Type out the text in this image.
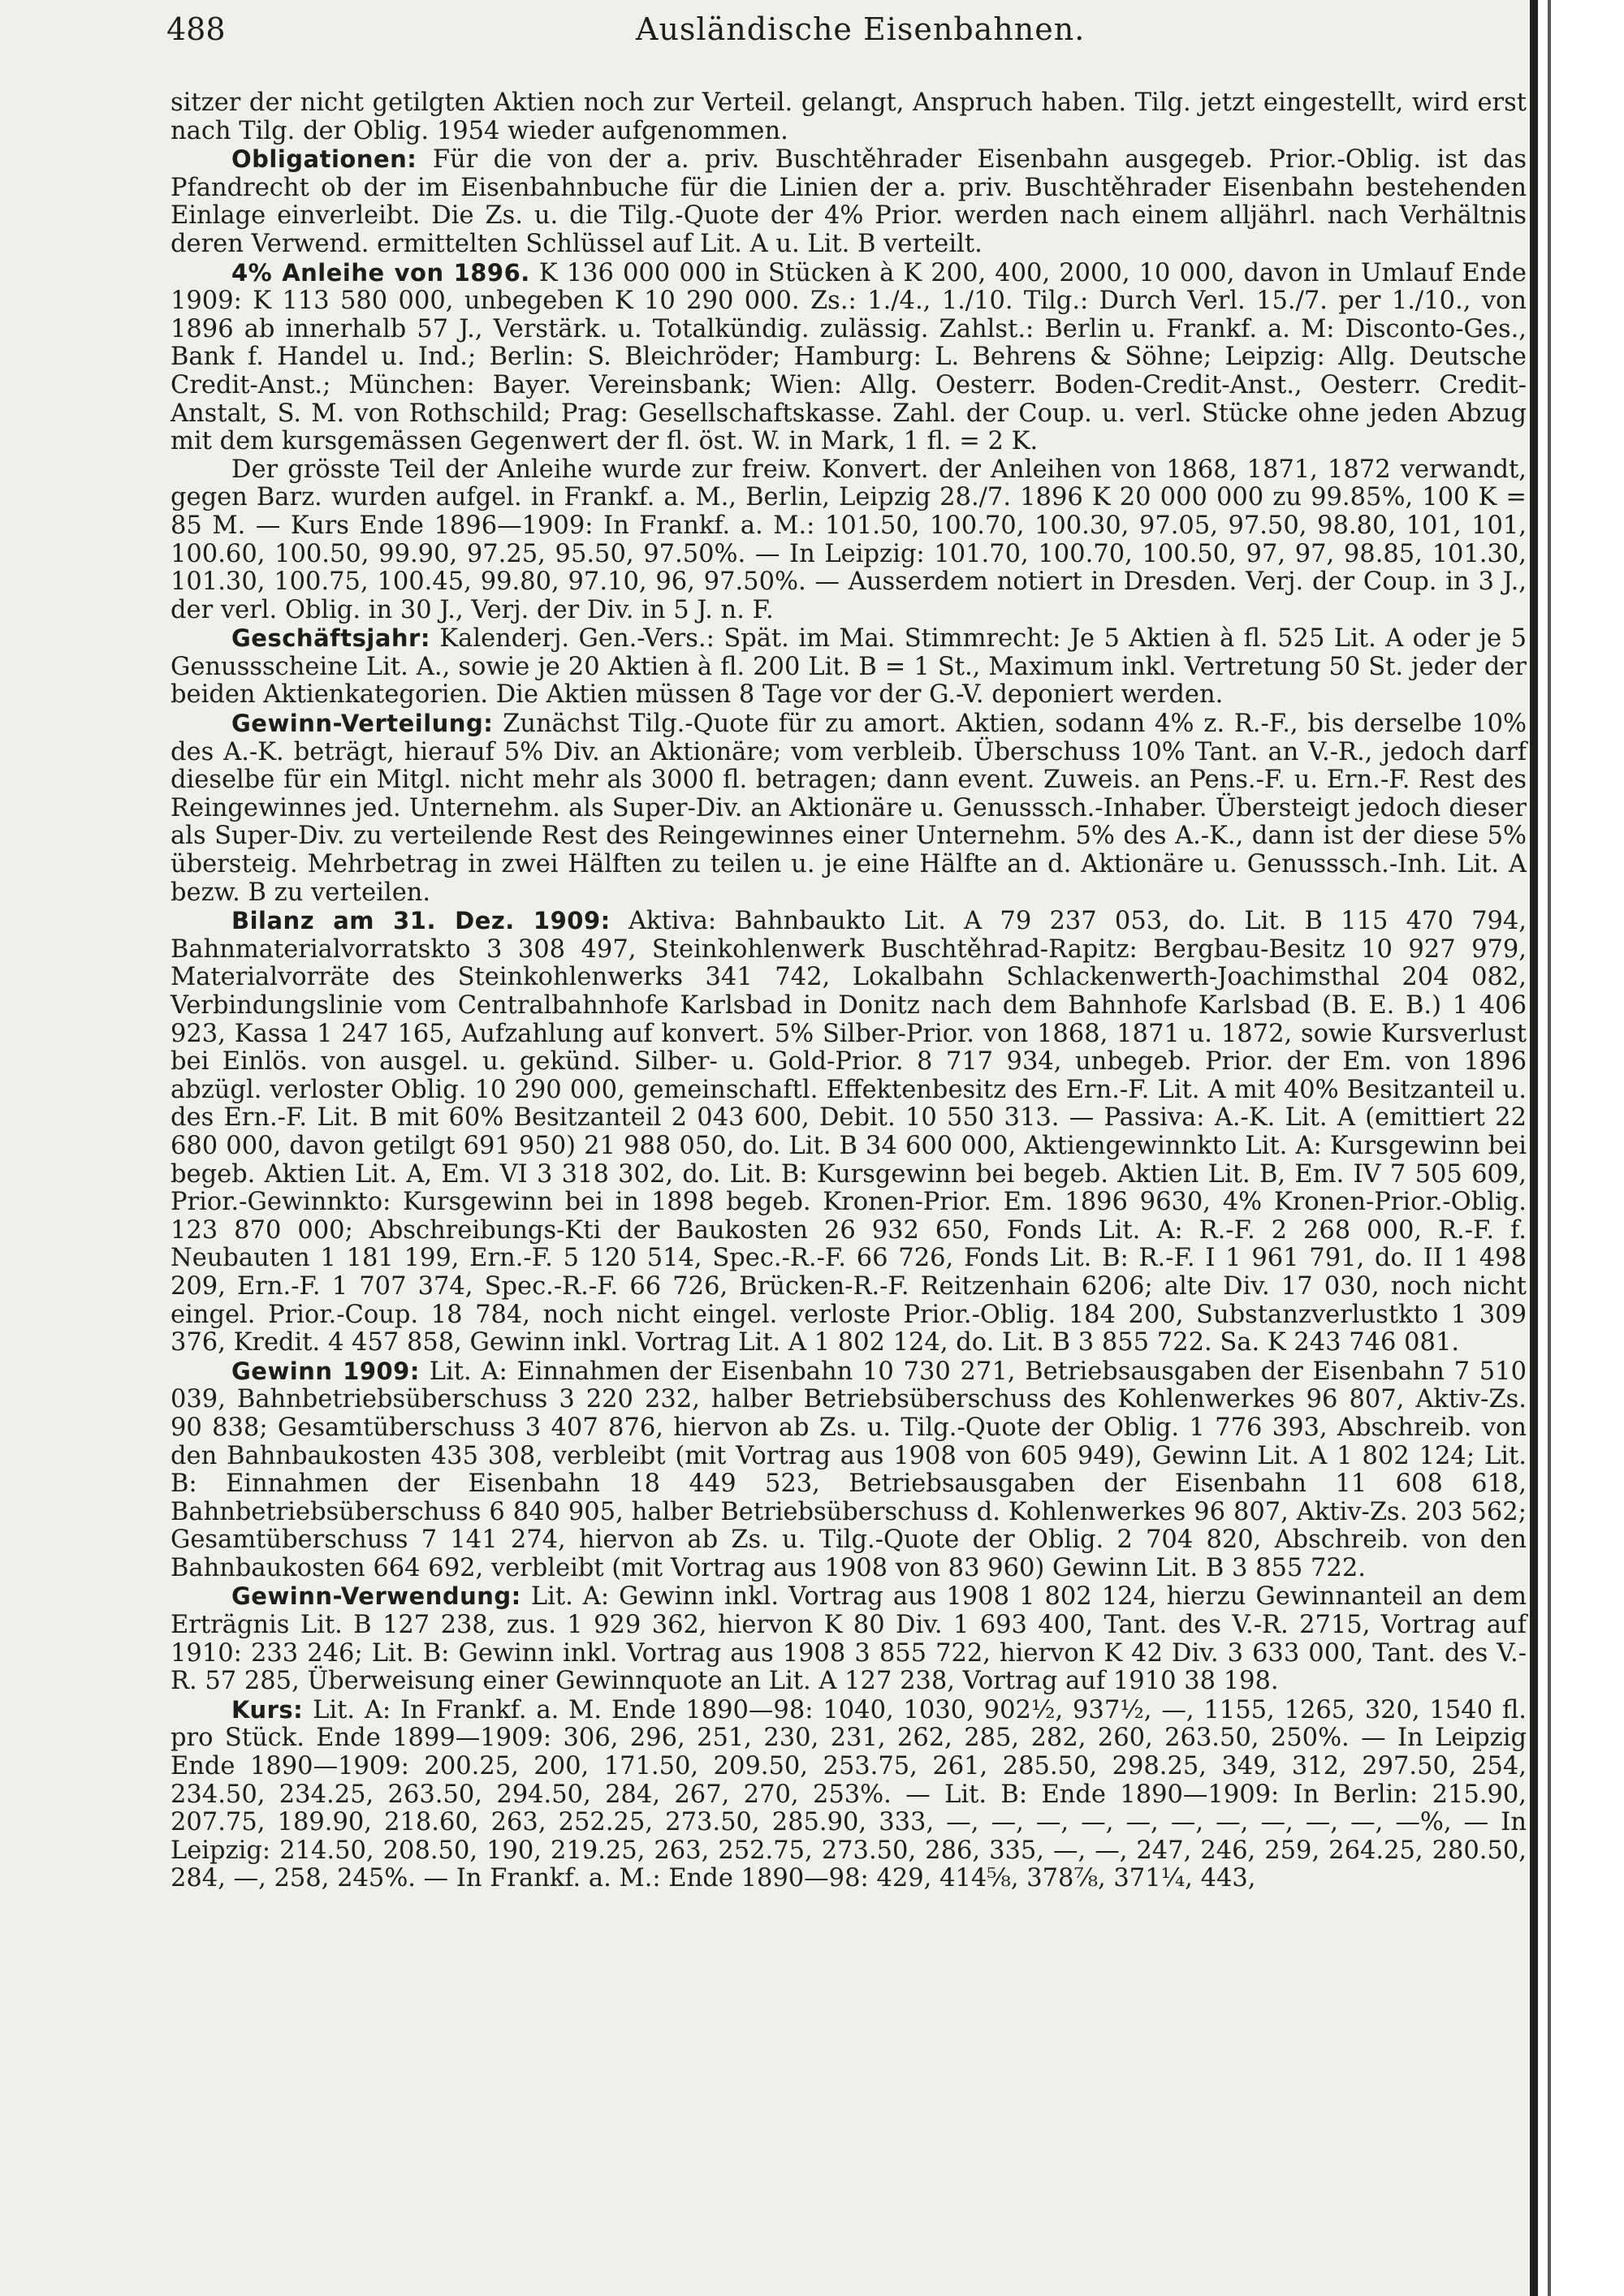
488	Ausländische Eisenbahnen.

sitzer der nicht getilgten Aktien noch zur Verteil. gelangt, Anspruch haben. Tilg. jetzt eingestellt, wird erst nach Tilg. der Oblig. 1954 wieder aufgenommen.

Obligationen: Für die von der a. priv. Buschtěhrader Eisenbahn ausgegeb. Prior.-Oblig. ist das Pfandrecht ob der im Eisenbahnbuche für die Linien der a. priv. Buschtěhrader Eisenbahn bestehenden Einlage einverleibt. Die Zs. u. die Tilg.-Quote der 4% Prior. werden nach einem alljährl. nach Verhältnis deren Verwend. ermittelten Schlüssel auf Lit. A u. Lit. B verteilt.

4% Anleihe von 1896. K 136 000 000 in Stücken à K 200, 400, 2000, 10 000, davon in Umlauf Ende 1909: K 113 580 000, unbegeben K 10 290 000. Zs.: 1./4., 1./10. Tilg.: Durch Verl. 15./7. per 1./10., von 1896 ab innerhalb 57 J., Verstärk. u. Totalkündig. zulässig. Zahlst.: Berlin u. Frankf. a. M: Disconto-Ges., Bank f. Handel u. Ind.; Berlin: S. Bleichröder; Hamburg: L. Behrens & Söhne; Leipzig: Allg. Deutsche Credit-Anst.; München: Bayer. Vereinsbank; Wien: Allg. Oesterr. Boden-Credit-Anst., Oesterr. Credit-Anstalt, S. M. von Rothschild; Prag: Gesellschaftskasse. Zahl. der Coup. u. verl. Stücke ohne jeden Abzug mit dem kursgemässen Gegenwert der fl. öst. W. in Mark, 1 fl. = 2 K.

Der grösste Teil der Anleihe wurde zur freiw. Konvert. der Anleihen von 1868, 1871, 1872 verwandt, gegen Barz. wurden aufgel. in Frankf. a. M., Berlin, Leipzig 28./7. 1896 K 20 000 000 zu 99.85%, 100 K = 85 M. — Kurs Ende 1896—1909: In Frankf. a. M.: 101.50, 100.70, 100.30, 97.05, 97.50, 98.80, 101, 101, 100.60, 100.50, 99.90, 97.25, 95.50, 97.50%. — In Leipzig: 101.70, 100.70, 100.50, 97, 97, 98.85, 101.30, 101.30, 100.75, 100.45, 99.80, 97.10, 96, 97.50%. — Ausserdem notiert in Dresden. Verj. der Coup. in 3 J., der verl. Oblig. in 30 J., Verj. der Div. in 5 J. n. F.

Geschäftsjahr: Kalenderj. Gen.-Vers.: Spät. im Mai. Stimmrecht: Je 5 Aktien à fl. 525 Lit. A oder je 5 Genussscheine Lit. A., sowie je 20 Aktien à fl. 200 Lit. B = 1 St., Maximum inkl. Vertretung 50 St. jeder der beiden Aktienkategorien. Die Aktien müssen 8 Tage vor der G.-V. deponiert werden.

Gewinn-Verteilung: Zunächst Tilg.-Quote für zu amort. Aktien, sodann 4% z. R.-F., bis derselbe 10% des A.-K. beträgt, hierauf 5% Div. an Aktionäre; vom verbleib. Überschuss 10% Tant. an V.-R., jedoch darf dieselbe für ein Mitgl. nicht mehr als 3000 fl. betragen; dann event. Zuweis. an Pens.-F. u. Ern.-F. Rest des Reingewinnes jed. Unternehm. als Super-Div. an Aktionäre u. Genusssch.-Inhaber. Übersteigt jedoch dieser als Super-Div. zu verteilende Rest des Reingewinnes einer Unternehm. 5% des A.-K., dann ist der diese 5% übersteig. Mehrbetrag in zwei Hälften zu teilen u. je eine Hälfte an d. Aktionäre u. Genusssch.-Inh. Lit. A bezw. B zu verteilen.

Bilanz am 31. Dez. 1909: Aktiva: Bahnbaukto Lit. A 79 237 053, do. Lit. B 115 470 794, Bahnmaterialvorratskto 3 308 497, Steinkohlenwerk Buschtěhrad-Rapitz: Bergbau-Besitz 10 927 979, Materialvorräte des Steinkohlenwerks 341 742, Lokalbahn Schlackenwerth-Joachimsthal 204 082, Verbindungslinie vom Centralbahnhofe Karlsbad in Donitz nach dem Bahnhofe Karlsbad (B. E. B.) 1 406 923, Kassa 1 247 165, Aufzahlung auf konvert. 5% Silber-Prior. von 1868, 1871 u. 1872, sowie Kursverlust bei Einlös. von ausgel. u. gekünd. Silber- u. Gold-Prior. 8 717 934, unbegeb. Prior. der Em. von 1896 abzügl. verloster Oblig. 10 290 000, gemeinschaftl. Effektenbesitz des Ern.-F. Lit. A mit 40% Besitzanteil u. des Ern.-F. Lit. B mit 60% Besitzanteil 2 043 600, Debit. 10 550 313. — Passiva: A.-K. Lit. A (emittiert 22 680 000, davon getilgt 691 950) 21 988 050, do. Lit. B 34 600 000, Aktiengewinnkto Lit. A: Kursgewinn bei begeb. Aktien Lit. A, Em. VI 3 318 302, do. Lit. B: Kursgewinn bei begeb. Aktien Lit. B, Em. IV 7 505 609, Prior.-Gewinnkto: Kursgewinn bei in 1898 begeb. Kronen-Prior. Em. 1896 9630, 4% Kronen-Prior.-Oblig. 123 870 000; Abschreibungs-Kti der Baukosten 26 932 650, Fonds Lit. A: R.-F. 2 268 000, R.-F. f. Neubauten 1 181 199, Ern.-F. 5 120 514, Spec.-R.-F. 66 726, Fonds Lit. B: R.-F. I 1 961 791, do. II 1 498 209, Ern.-F. 1 707 374, Spec.-R.-F. 66 726, Brücken-R.-F. Reitzenhain 6206; alte Div. 17 030, noch nicht eingel. Prior.-Coup. 18 784, noch nicht eingel. verloste Prior.-Oblig. 184 200, Substanzverlustkto 1 309 376, Kredit. 4 457 858, Gewinn inkl. Vortrag Lit. A 1 802 124, do. Lit. B 3 855 722. Sa. K 243 746 081.

Gewinn 1909: Lit. A: Einnahmen der Eisenbahn 10 730 271, Betriebsausgaben der Eisenbahn 7 510 039, Bahnbetriebsüberschuss 3 220 232, halber Betriebsüberschuss des Kohlenwerkes 96 807, Aktiv-Zs. 90 838; Gesamtüberschuss 3 407 876, hiervon ab Zs. u. Tilg.-Quote der Oblig. 1 776 393, Abschreib. von den Bahnbaukosten 435 308, verbleibt (mit Vortrag aus 1908 von 605 949), Gewinn Lit. A 1 802 124; Lit. B: Einnahmen der Eisenbahn 18 449 523, Betriebsausgaben der Eisenbahn 11 608 618, Bahnbetriebsüberschuss 6 840 905, halber Betriebsüberschuss d. Kohlenwerkes 96 807, Aktiv-Zs. 203 562; Gesamtüberschuss 7 141 274, hiervon ab Zs. u. Tilg.-Quote der Oblig. 2 704 820, Abschreib. von den Bahnbaukosten 664 692, verbleibt (mit Vortrag aus 1908 von 83 960) Gewinn Lit. B 3 855 722.

Gewinn-Verwendung: Lit. A: Gewinn inkl. Vortrag aus 1908 1 802 124, hierzu Gewinnanteil an dem Erträgnis Lit. B 127 238, zus. 1 929 362, hiervon K 80 Div. 1 693 400, Tant. des V.-R. 2715, Vortrag auf 1910: 233 246; Lit. B: Gewinn inkl. Vortrag aus 1908 3 855 722, hiervon K 42 Div. 3 633 000, Tant. des V.-R. 57 285, Überweisung einer Gewinnquote an Lit. A 127 238, Vortrag auf 1910 38 198.

Kurs: Lit. A: In Frankf. a. M. Ende 1890—98: 1040, 1030, 902½, 937½, —, 1155, 1265, 320, 1540 fl. pro Stück. Ende 1899—1909: 306, 296, 251, 230, 231, 262, 285, 282, 260, 263.50, 250%. — In Leipzig Ende 1890—1909: 200.25, 200, 171.50, 209.50, 253.75, 261, 285.50, 298.25, 349, 312, 297.50, 254, 234.50, 234.25, 263.50, 294.50, 284, 267, 270, 253%. — Lit. B: Ende 1890—1909: In Berlin: 215.90, 207.75, 189.90, 218.60, 263, 252.25, 273.50, 285.90, 333, —, —, —, —, —, —, —, —, —, —, —%, — In Leipzig: 214.50, 208.50, 190, 219.25, 263, 252.75, 273.50, 286, 335, —, —, 247, 246, 259, 264.25, 280.50, 284, —, 258, 245%. — In Frankf. a. M.: Ende 1890—98: 429, 414⅝, 378⅞, 371¼, 443,
